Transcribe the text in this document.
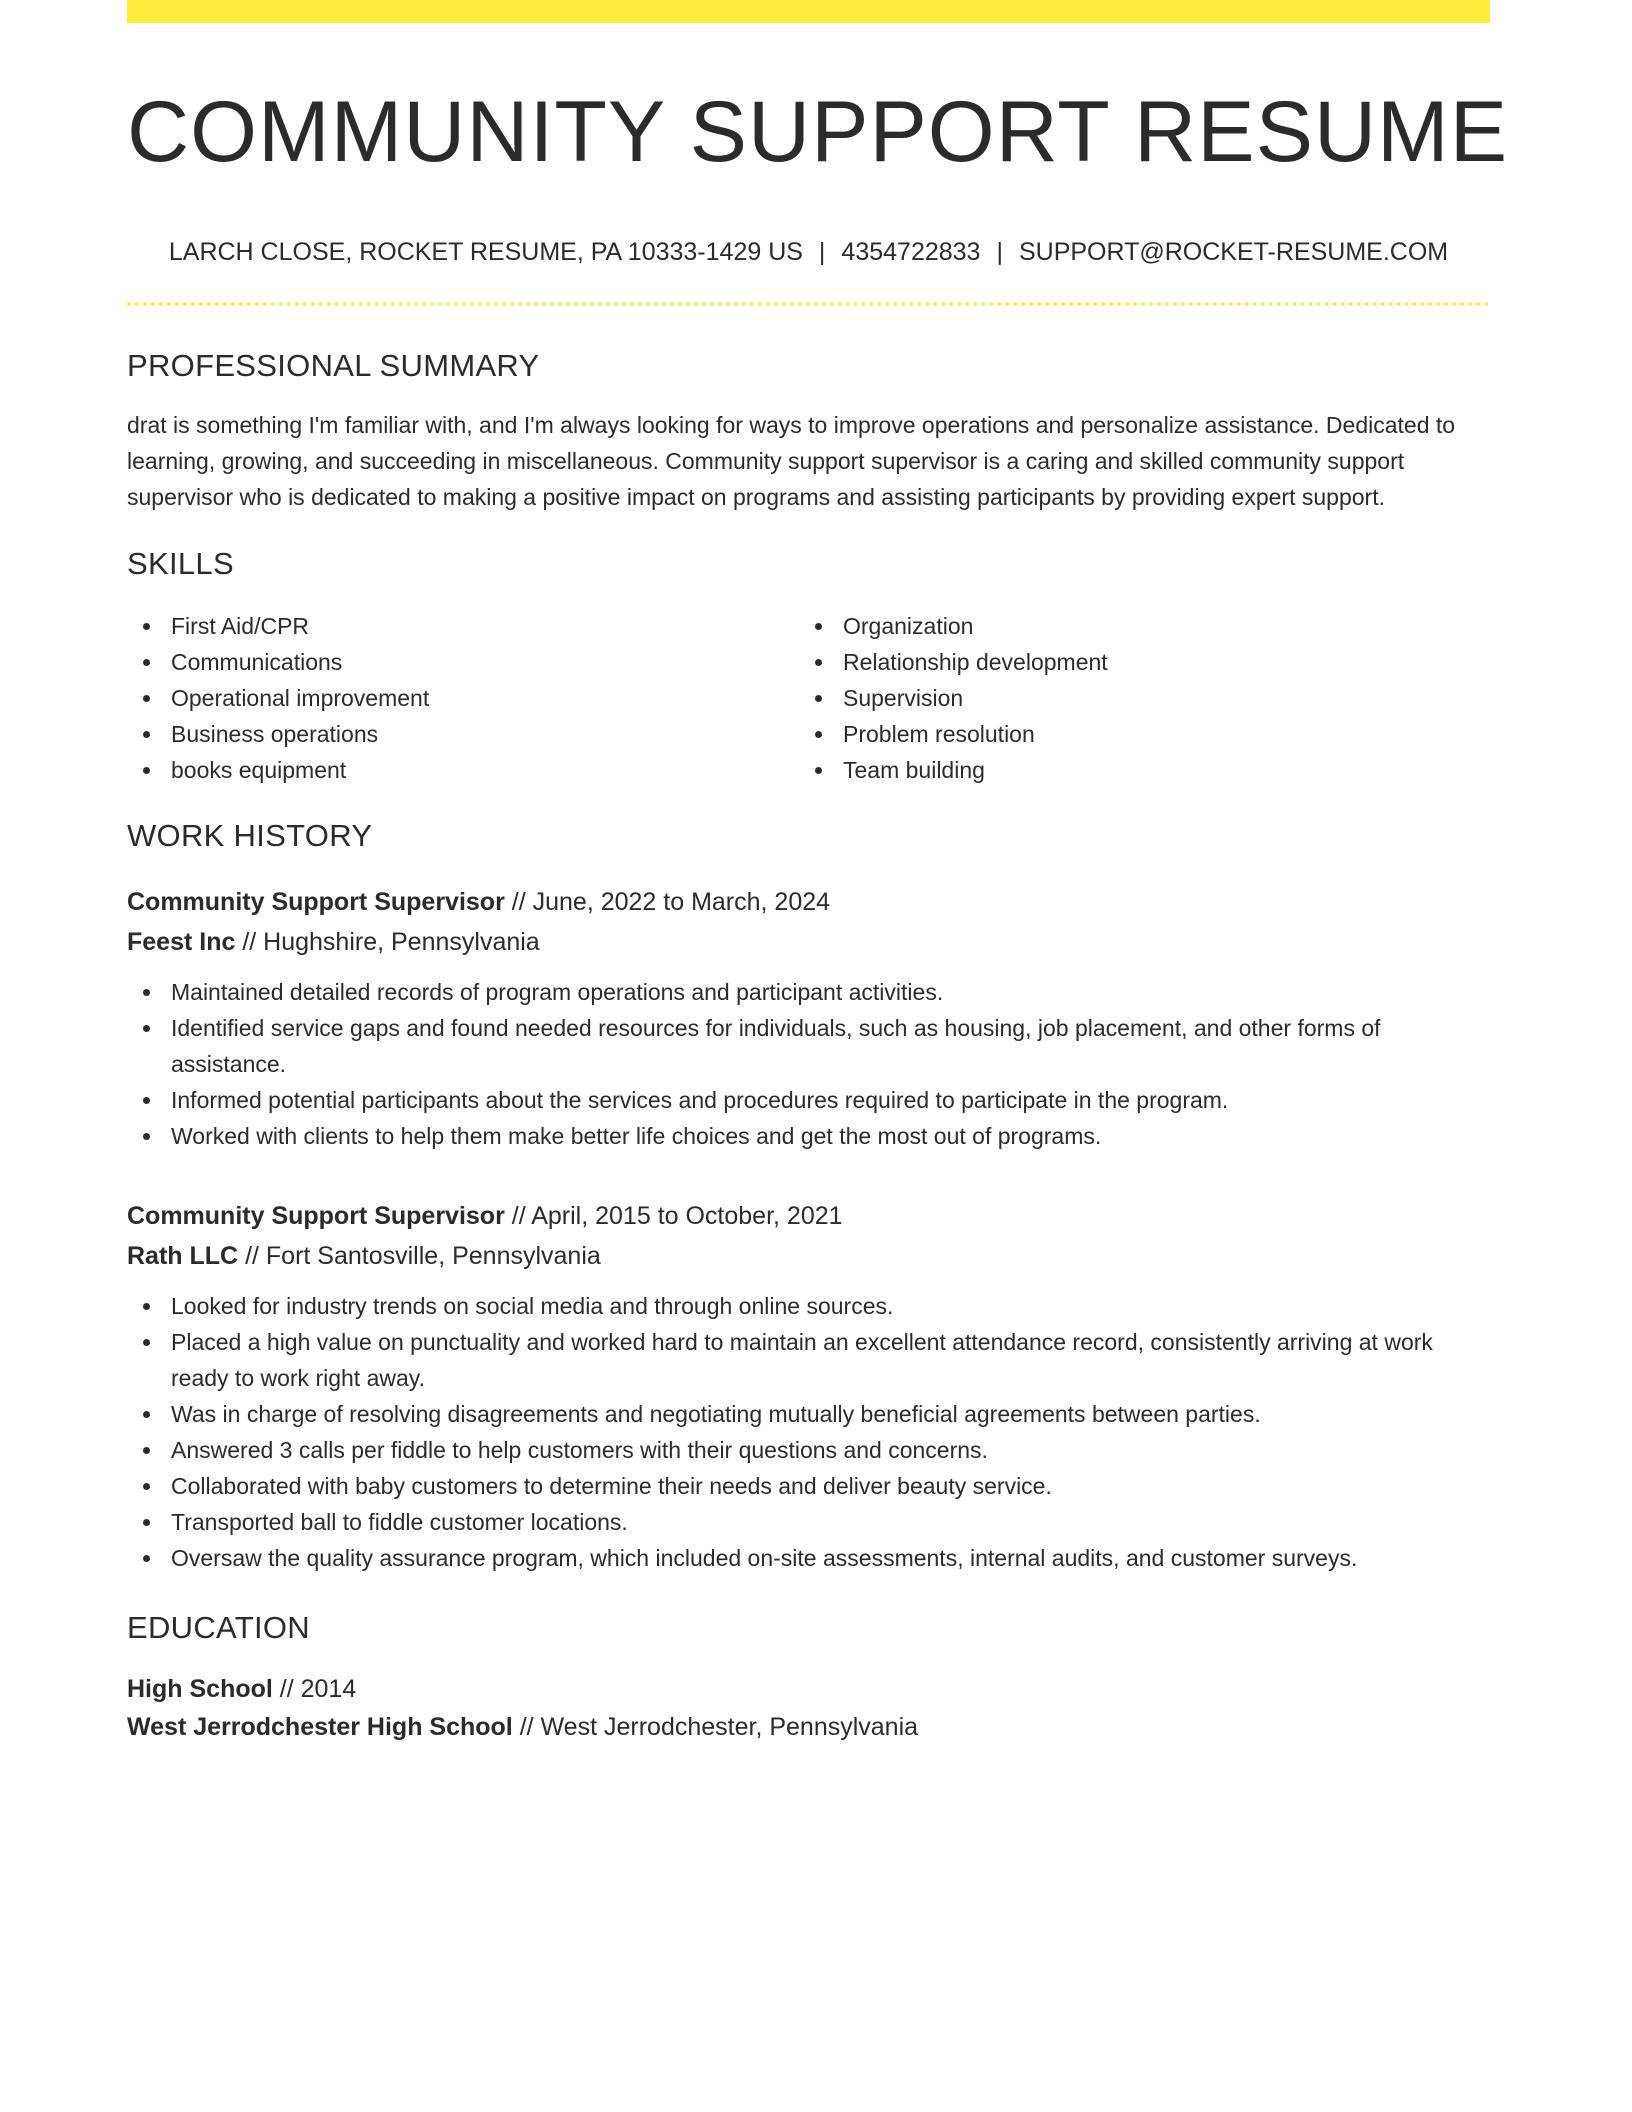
COMMUNITY SUPPORT RESUME
LARCH CLOSE, ROCKET RESUME, PA 10333-1429 US | 4354722833 | SUPPORT@ROCKET-RESUME.COM
PROFESSIONAL SUMMARY

drat is something I'm familiar with, and I'm always looking for ways to improve operations and personalize assistance. Dedicated to learning, growing, and succeeding in miscellaneous. Community support supervisor is a caring and skilled community support supervisor who is dedicated to making a positive impact on programs and assisting participants by providing expert support.

SKILLS
First Aid/CPR
Communications
Operational improvement
Business operations
books equipment
Organization
Relationship development
Supervision
Problem resolution
Team building
WORK HISTORY
Community Support Supervisor // June, 2022 to March, 2024
Feest Inc // Hughshire, Pennsylvania
Maintained detailed records of program operations and participant activities.
Identified service gaps and found needed resources for individuals, such as housing, job placement, and other forms of assistance.
Informed potential participants about the services and procedures required to participate in the program.
Worked with clients to help them make better life choices and get the most out of programs.
Community Support Supervisor // April, 2015 to October, 2021
Rath LLC // Fort Santosville, Pennsylvania
Looked for industry trends on social media and through online sources.
Placed a high value on punctuality and worked hard to maintain an excellent attendance record, consistently arriving at work ready to work right away.
Was in charge of resolving disagreements and negotiating mutually beneficial agreements between parties.
Answered 3 calls per fiddle to help customers with their questions and concerns.
Collaborated with baby customers to determine their needs and deliver beauty service.
Transported ball to fiddle customer locations.
Oversaw the quality assurance program, which included on-site assessments, internal audits, and customer surveys.
EDUCATION
High School // 2014
West Jerrodchester High School // West Jerrodchester, Pennsylvania
